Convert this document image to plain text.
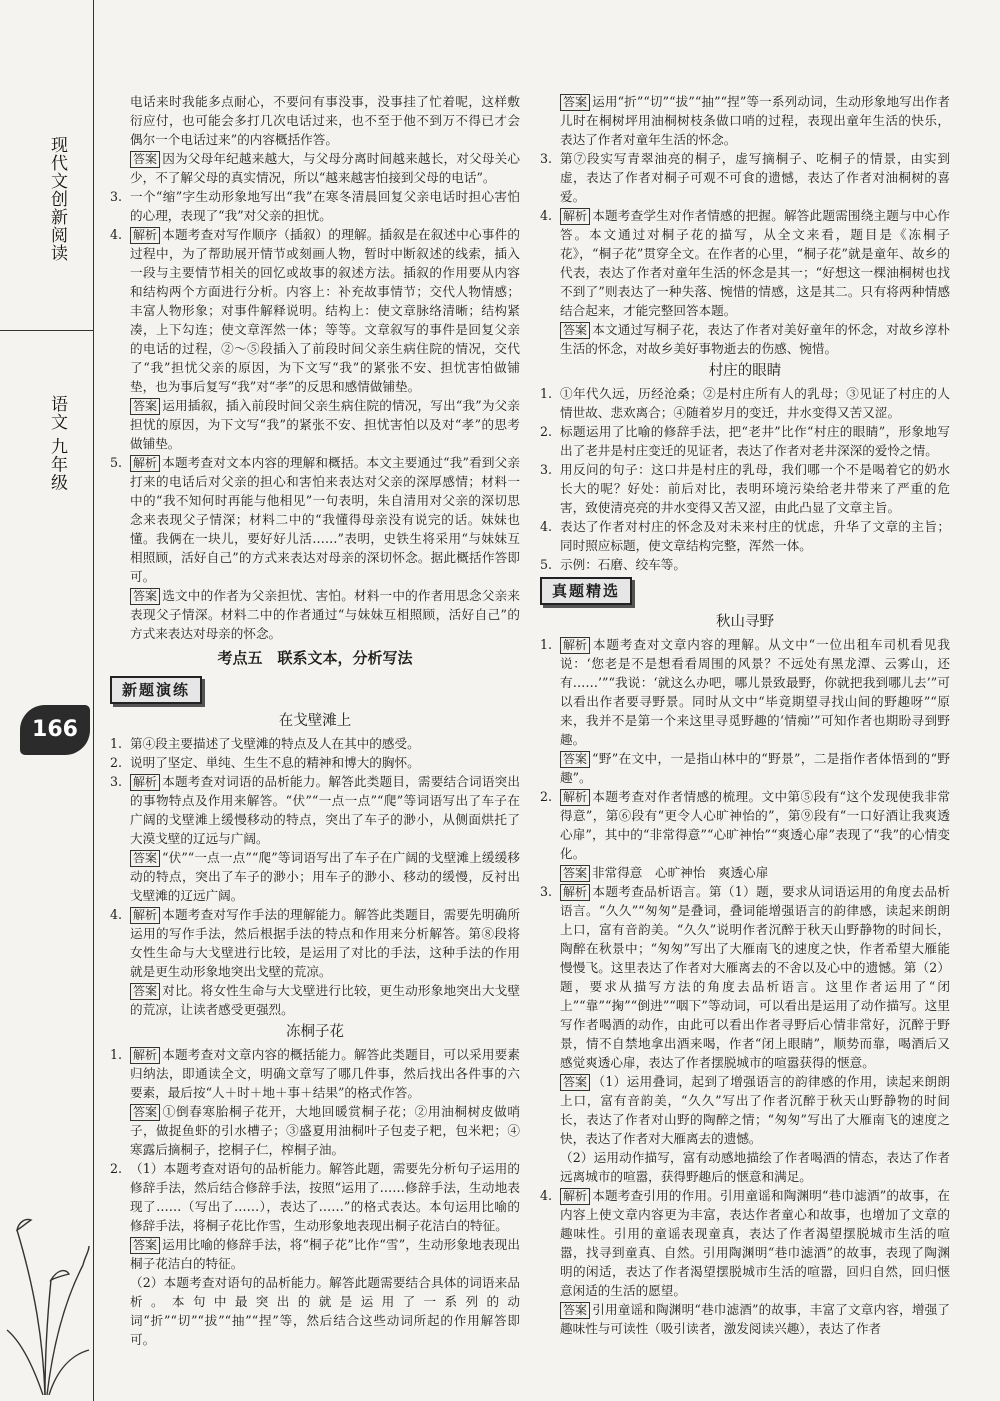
现代文创新阅读
语文 九年级
166

电话来时我能多点耐心，不要问有事没事，没事挂了忙着呢，这样敷衍应付，也可能会多打几次电话过来，也不至于他不到万不得已才会偶尔一个电话过来”的内容概括作答。

答案 因为父母年纪越来越大，与父母分离时间越来越长，对父母关心少，不了解父母的真实情况，所以“越来越害怕接到父母的电话”。

3. 一个“缩”字生动形象地写出“我”在寒冬清晨回复父亲电话时担心害怕的心理，表现了“我”对父亲的担忧。
4. 解析 本题考查对写作顺序（插叙）的理解。插叙是在叙述中心事件的过程中，为了帮助展开情节或刻画人物，暂时中断叙述的线索，插入一段与主要情节相关的回忆或故事的叙述方法。插叙的作用要从内容和结构两个方面进行分析。内容上：补充故事情节；交代人物情感；丰富人物形象；对事件解释说明。结构上：使文章脉络清晰；结构紧凑，上下勾连；使文章浑然一体；等等。文章叙写的事件是回复父亲的电话的过程，②～⑤段插入了前段时间父亲生病住院的情况，交代了“我”担忧父亲的原因，为下文写“我”的紧张不安、担忧害怕做铺垫，也为事后复写“我”对“孝”的反思和感情做铺垫。

答案 运用插叙，插入前段时间父亲生病住院的情况，写出“我”为父亲担忧的原因，为下文写“我”的紧张不安、担忧害怕以及对“孝”的思考做铺垫。

5. 解析 本题考查对文本内容的理解和概括。本文主要通过“我”看到父亲打来的电话后对父亲的担心和害怕来表达对父亲的深厚感情；材料一中的“我不知何时再能与他相见”一句表明，朱自清用对父亲的深切思念来表现父子情深；材料二中的“我懂得母亲没有说完的话。妹妹也懂。我俩在一块儿，要好好儿活……”表明，史铁生将采用“与妹妹互相照顾，活好自己”的方式来表达对母亲的深切怀念。据此概括作答即可。

答案 选文中的作者为父亲担忧、害怕。材料一中的作者用思念父亲来表现父子情深。材料二中的作者通过“与妹妹互相照顾，活好自己”的方式来表达对母亲的怀念。

考点五　联系文本，分析写法
新题演练
在戈壁滩上
1. 第④段主要描述了戈壁滩的特点及人在其中的感受。
2. 说明了坚定、単纯、生生不息的精神和博大的胸怀。
3. 解析 本题考查对词语的品析能力。解答此类题目，需要结合词语突出的事物特点及作用来解答。“伏”“一点一点”“爬”等词语写出了车子在广阔的戈壁滩上缓慢移动的特点，突出了车子的渺小，从侧面烘托了大漠戈壁的辽远与广阔。

答案 “伏”“一点一点”“爬”等词语写出了车子在广阔的戈壁滩上缓缓移动的特点，突出了车子的渺小；用车子的渺小、移动的缓慢，反衬出戈壁滩的辽远广阔。

4. 解析 本题考查对写作手法的理解能力。解答此类题目，需要先明确所运用的写作手法，然后根据手法的特点和作用来分析解答。第⑧段将女性生命与大戈壁进行比较，是运用了对比的手法，这种手法的作用就是更生动形象地突出戈壁的荒凉。

答案 对比。将女性生命与大戈壁进行比较，更生动形象地突出大戈壁的荒凉，让读者感受更强烈。

冻桐子花
1. 解析 本题考查对文章内容的概括能力。解答此类题目，可以采用要素归纳法，即通读全文，明确文章写了哪几件事，然后找出各件事的六要素，最后按“人＋时＋地＋事＋结果”的格式作答。

答案 ①倒春寒胎桐子花开，大地回暖赏桐子花；②用油桐树皮做哨子，做捉鱼虾的引水槽子；③盛夏用油桐叶子包麦子粑，包米粑；④寒露后摘桐子，挖桐子仁，榨桐子油。

2. （1）本题考查对语句的品析能力。解答此题，需要先分析句子运用的修辞手法，然后结合修辞手法，按照“运用了……修辞手法，生动地表现了……（写出了……），表达了……”的格式表达。本句运用比喻的修辞手法，将桐子花比作雪，生动形象地表现出桐子花洁白的特征。

答案 运用比喻的修辞手法，将“桐子花”比作“雪”，生动形象地表现出桐子花洁白的特征。

（2）本题考查对语句的品析能力。解答此题需要结合具体的词语来品析。本句中最突出的就是运用了一系列的动词“折”“切”“拔”“抽”“捏”等，然后结合这些动词所起的作用解答即可。

答案 运用“折”“切”“拔”“抽”“捏”等一系列动词，生动形象地写出作者儿时在桐树坪用油桐树枝条做口哨的过程，表现出童年生活的快乐，表达了作者对童年生活的怀念。

3. 第⑦段实写青翠油亮的桐子，虚写摘桐子、吃桐子的情景，由实到虚，表达了作者对桐子可观不可食的遗憾，表达了作者对油桐树的喜爱。
4. 解析 本题考查学生对作者情感的把握。解答此题需围绕主题与中心作答。本文通过对桐子花的描写，从全文来看，题目是《冻桐子花》，“桐子花”贯穿全文。在作者的心里，“桐子花”就是童年、故乡的代表，表达了作者对童年生活的怀念是其一；“好想这一棵油桐树也找不到了”则表达了一种失落、惋惜的情感，这是其二。只有将两种情感结合起来，才能完整回答本题。

答案 本文通过写桐子花，表达了作者对美好童年的怀念，对故乡淳朴生活的怀念，对故乡美好事物逝去的伤感、惋惜。

村庄的眼睛
1. ①年代久远，历经沧桑；②是村庄所有人的乳母；③见证了村庄的人情世故、悲欢离合；④随着岁月的变迁，井水变得又苦又涩。
2. 标题运用了比喻的修辞手法，把“老井”比作“村庄的眼睛”，形象地写出了老井是村庄变迁的见证者，表达了作者对老井深深的爱怜之情。
3. 用反问的句子：这口井是村庄的乳母，我们哪一个不是喝着它的奶水长大的呢？好处：前后对比，表明环境污染给老井带来了严重的危害，致使清亮亮的井水变得又苦又涩，由此凸显了文章主旨。
4. 表达了作者对村庄的怀念及对未来村庄的忧虑，升华了文章的主旨；同时照应标题，使文章结构完整，浑然一体。
5. 示例：石磨、绞车等。
真题精选
秋山寻野
1. 解析 本题考查对文章内容的理解。从文中“一位出租车司机看见我说：‘您老是不是想看看周围的风景？不远处有黑龙潭、云雾山，还有……’”“我说：‘就这么办吧，哪儿景致最野，你就把我到哪儿去’”可以看出作者要寻野景。同时从文中“毕竟期望寻找山间的野趣呀”“原来，我并不是第一个来这里寻觅野趣的‘情痴’”可知作者也期盼寻到野趣。

答案 “野”在文中，一是指山林中的“野景”，二是指作者体悟到的“野趣”。

2. 解析 本题考查对作者情感的梳理。文中第⑤段有“这个发现使我非常得意”，第⑥段有“更令人心旷神怡的”，第⑨段有“一口好酒让我爽透心扉”，其中的“非常得意”“心旷神怡”“爽透心扉”表现了“我”的心情变化。

答案 非常得意　心旷神怡　爽透心扉

3. 解析 本题考查品析语言。第（1）题，要求从词语运用的角度去品析语言。“久久”“匆匆”是叠词，叠词能增强语言的韵律感，读起来朗朗上口，富有音韵美。“久久”说明作者沉醉于秋天山野静物的时间长，陶醉在秋景中；“匆匆”写出了大雁南飞的速度之快，作者希望大雁能慢慢飞。这里表达了作者对大雁离去的不舍以及心中的遗憾。第（2）题，要求从描写方法的角度去品析语言。这里作者运用了“闭上”“靠”“掬”“倒进”“咽下”等动词，可以看出是运用了动作描写。这里写作者喝酒的动作，由此可以看出作者寻野后心情非常好，沉醉于野景，情不自禁地拿出酒来喝，作者“闭上眼睛”，顺势而靠，喝酒后又感觉爽透心扉，表达了作者摆脱城市的喧嚣获得的惬意。

答案 （1）运用叠词，起到了增强语言的韵律感的作用，读起来朗朗上口，富有音韵美，“久久”写出了作者沉醉于秋天山野静物的时间长，表达了作者对山野的陶醉之情；“匆匆”写出了大雁南飞的速度之快，表达了作者对大雁离去的遗憾。

（2）运用动作描写，富有动感地描绘了作者喝酒的情态，表达了作者远离城市的喧嚣，获得野趣后的惬意和满足。

4. 解析 本题考查引用的作用。引用童谣和陶渊明“巷巾滤酒”的故事，在内容上使文章内容更为丰富，表达作者童心和故事，也增加了文章的趣味性。引用的童谣表现童真，表达了作者渴望摆脱城市生活的喧嚣，找寻到童真、自然。引用陶渊明“巷巾滤酒”的故事，表现了陶渊明的闲适，表达了作者渴望摆脱城市生活的喧嚣，回归自然，回归惬意闲适的生活的愿望。

答案 引用童谣和陶渊明“巷巾滤酒”的故事，丰富了文章内容，增强了趣味性与可读性（吸引读者，激发阅读兴趣），表达了作者
